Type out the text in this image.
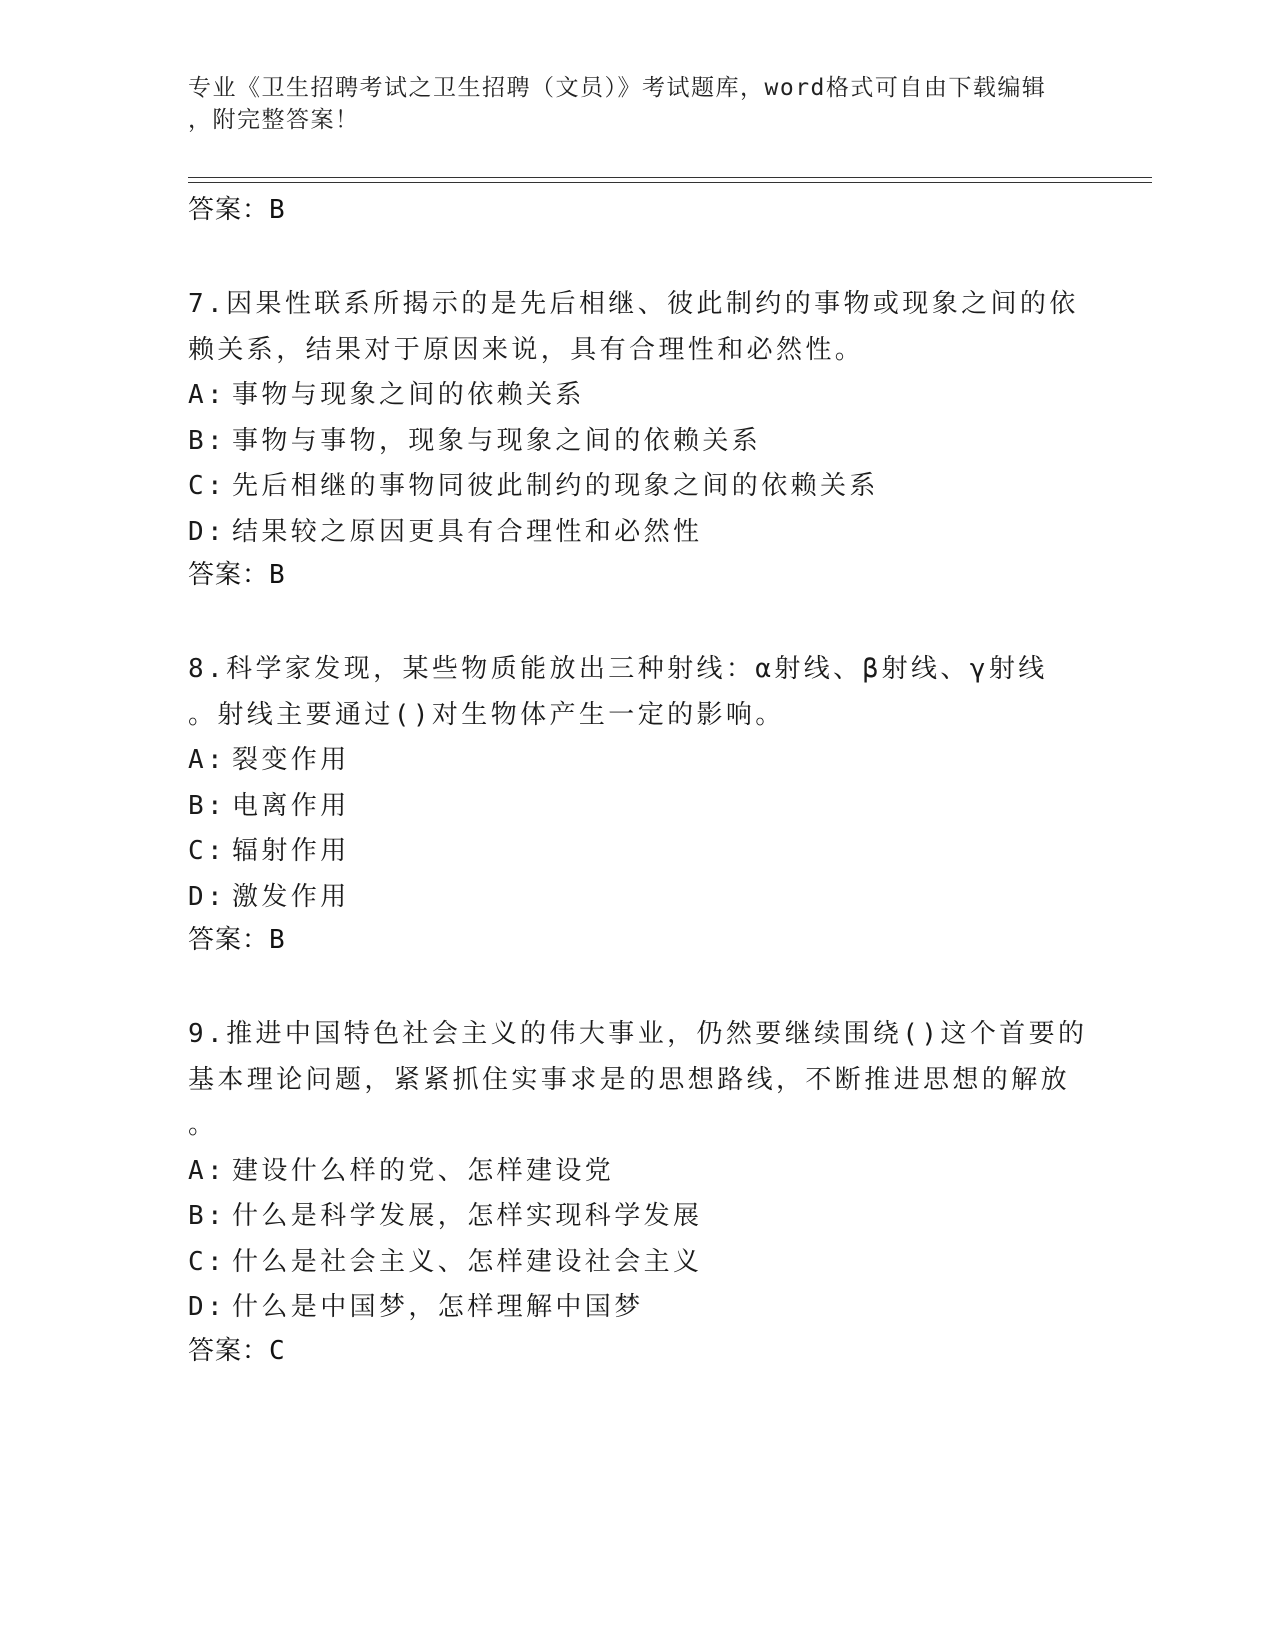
专业《卫生招聘考试之卫生招聘（文员）》考试题库，word格式可自由下载编辑
，附完整答案！

答案：B

7.因果性联系所揭示的是先后相继、彼此制约的事物或现象之间的依
赖关系，结果对于原因来说，具有合理性和必然性。

A: 事物与现象之间的依赖关系

B: 事物与事物，现象与现象之间的依赖关系

C: 先后相继的事物同彼此制约的现象之间的依赖关系

D: 结果较之原因更具有合理性和必然性

答案：B

8.科学家发现，某些物质能放出三种射线：α射线、β射线、γ射线
。射线主要通过()对生物体产生一定的影响。

A: 裂变作用

B: 电离作用

C: 辐射作用

D: 激发作用

答案：B

9.推进中国特色社会主义的伟大事业，仍然要继续围绕()这个首要的
基本理论问题，紧紧抓住实事求是的思想路线，不断推进思想的解放
。

A: 建设什么样的党、怎样建设党

B: 什么是科学发展，怎样实现科学发展

C: 什么是社会主义、怎样建设社会主义

D: 什么是中国梦，怎样理解中国梦

答案：C
